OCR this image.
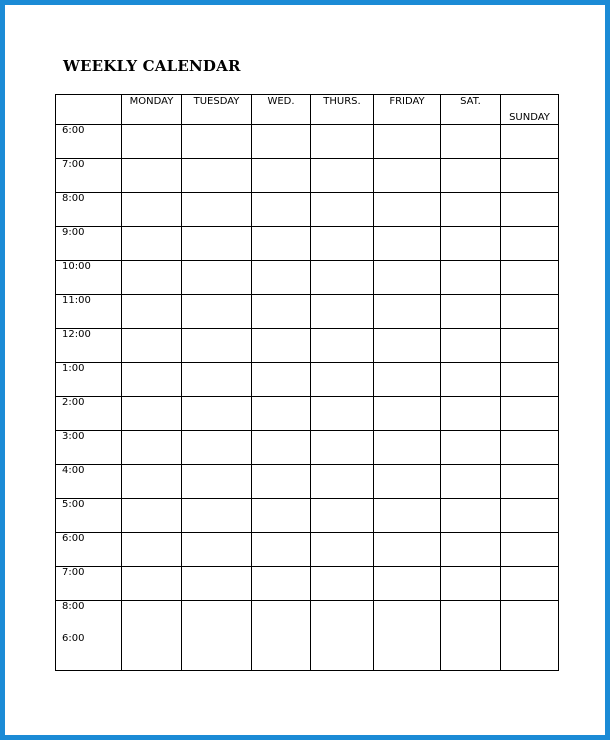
WEEKLY CALENDAR
	MONDAY	TUESDAY	WED.	THURS.	FRIDAY	SAT.	SUNDAY
6:00							
7:00							
8:00							
9:00							
10:00							
11:00							
12:00							
1:00							
2:00							
3:00							
4:00							
5:00							
6:00							
7:00							

8:00
6:00							
